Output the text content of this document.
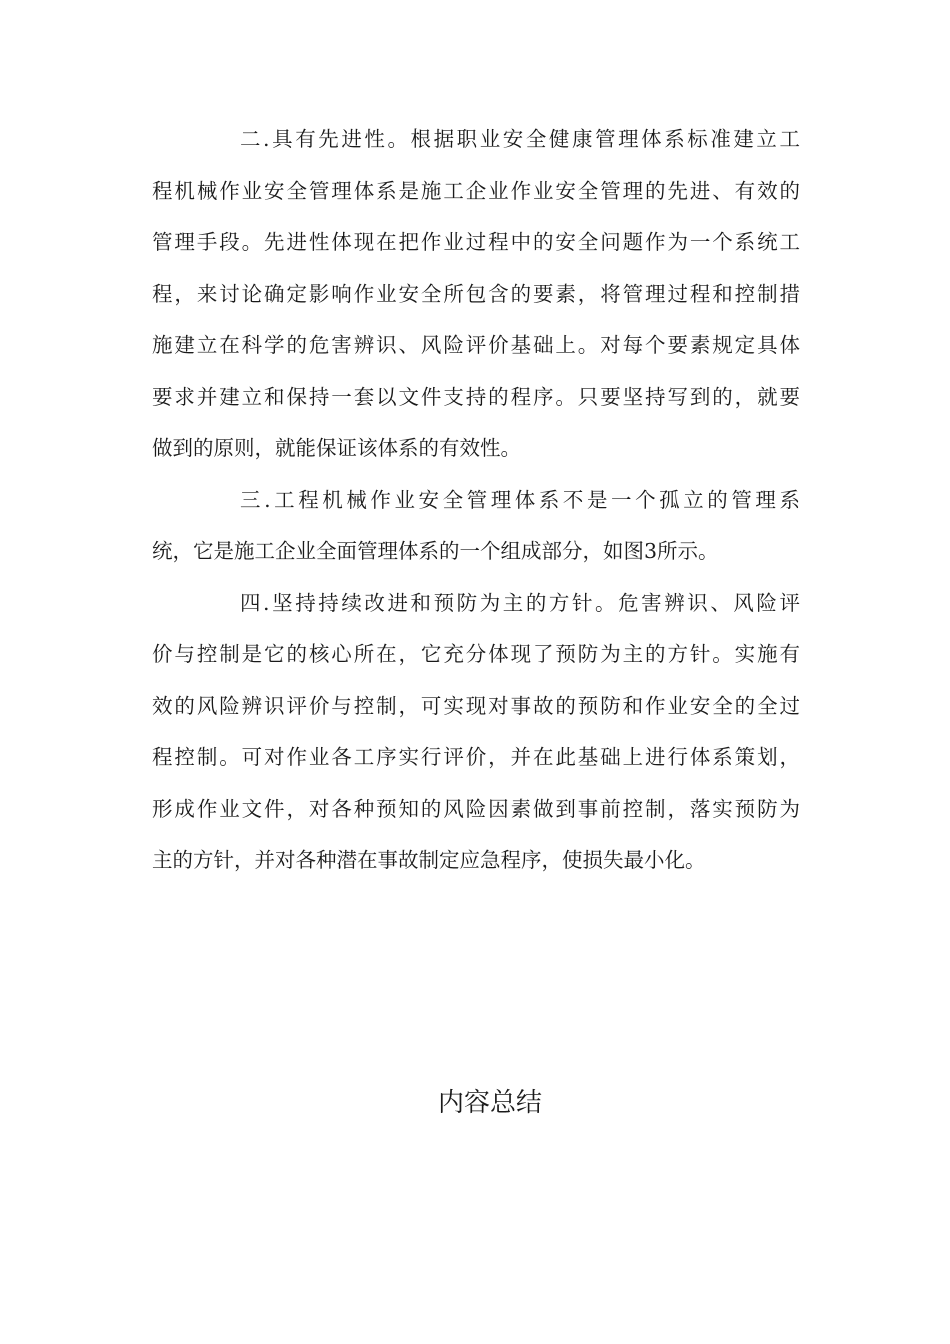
二.具有先进性。根据职业安全健康管理体系标准建立工
程机械作业安全管理体系是施工企业作业安全管理的先进、有效的
管理手段。先进性体现在把作业过程中的安全问题作为一个系统工
程，来讨论确定影响作业安全所包含的要素，将管理过程和控制措
施建立在科学的危害辨识、风险评价基础上。对每个要素规定具体
要求并建立和保持一套以文件支持的程序。只要坚持写到的，就要
做到的原则，就能保证该体系的有效性。
三.工程机械作业安全管理体系不是一个孤立的管理系
统，它是施工企业全面管理体系的一个组成部分，如图3所示。
四.坚持持续改进和预防为主的方针。危害辨识、风险评
价与控制是它的核心所在，它充分体现了预防为主的方针。实施有
效的风险辨识评价与控制，可实现对事故的预防和作业安全的全过
程控制。可对作业各工序实行评价，并在此基础上进行体系策划，
形成作业文件，对各种预知的风险因素做到事前控制，落实预防为
主的方针，并对各种潜在事故制定应急程序，使损失最小化。
内容总结
